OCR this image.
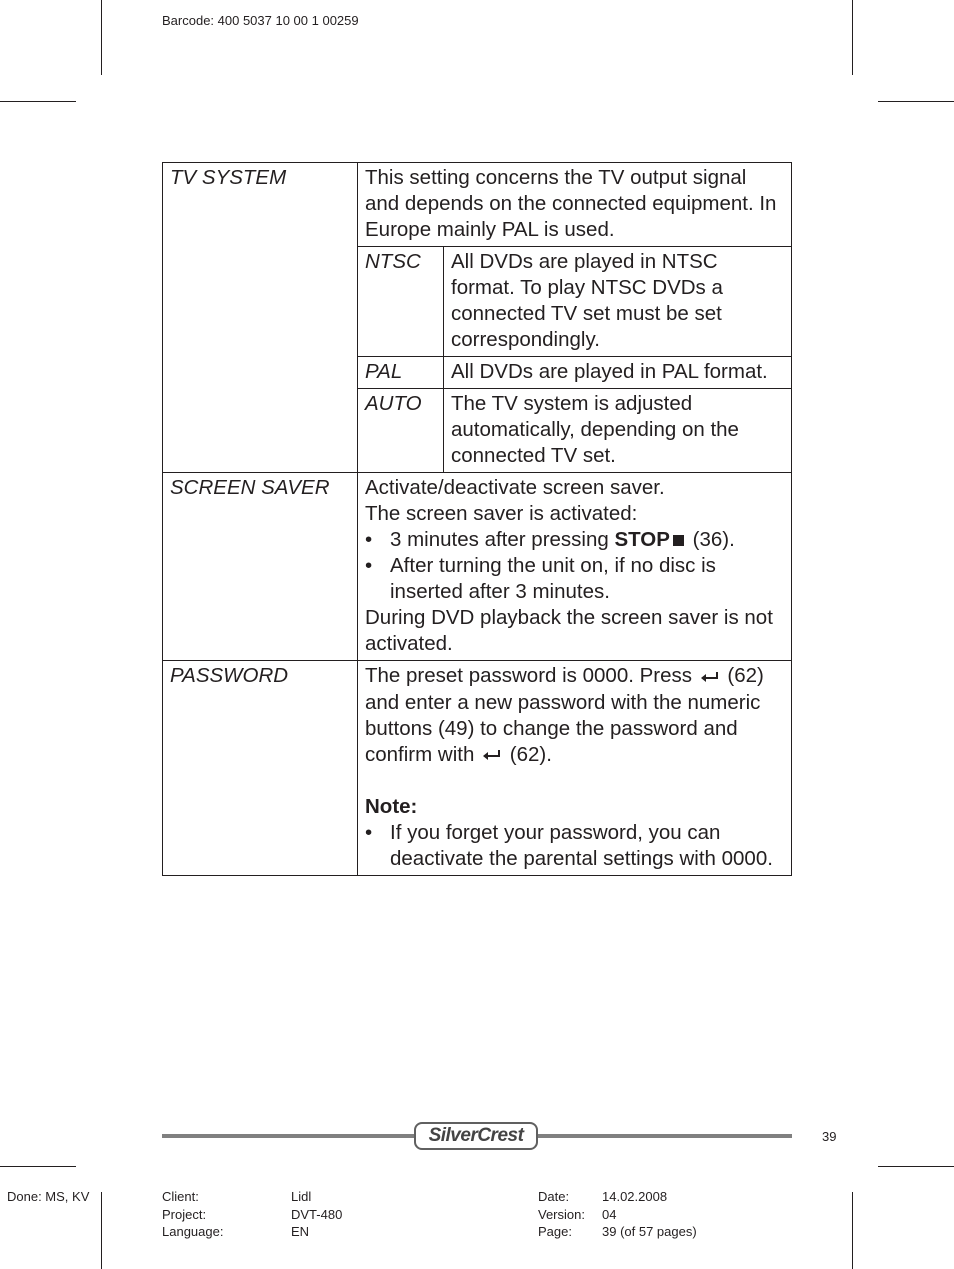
Barcode: 400 5037 10 00 1 00259
TV SYSTEM	This setting concerns the TV output signal and depends on the connected equipment. In Europe mainly PAL is used.
NTSC	All DVDs are played in NTSC format. To play NTSC DVDs a connected TV set must be set correspondingly.
PAL	All DVDs are played in PAL format.
AUTO	The TV system is adjusted automatically, depending on the connected TV set.

SCREEN SAVER	Activate/deactivate screen saver.
The screen saver is activated:
• 3 minutes after pressing STOP (36).
• After turning the unit on, if no disc is inserted after 3 minutes.
During DVD playback the screen saver is not activated.

PASSWORD	The preset password is 0000. Press  (62) and enter a new password with the numeric buttons (49) to change the password and confirm with  (62).
Note:
• If you forget your password, you can deactivate the parental settings with 0000.
39
SilverCrest
Done: MS, KV	Client:	Lidl
Project:	DVT-480
Language:	EN
Date:	14.02.2008
Version: 04
Page: 39 (of 57 pages)
